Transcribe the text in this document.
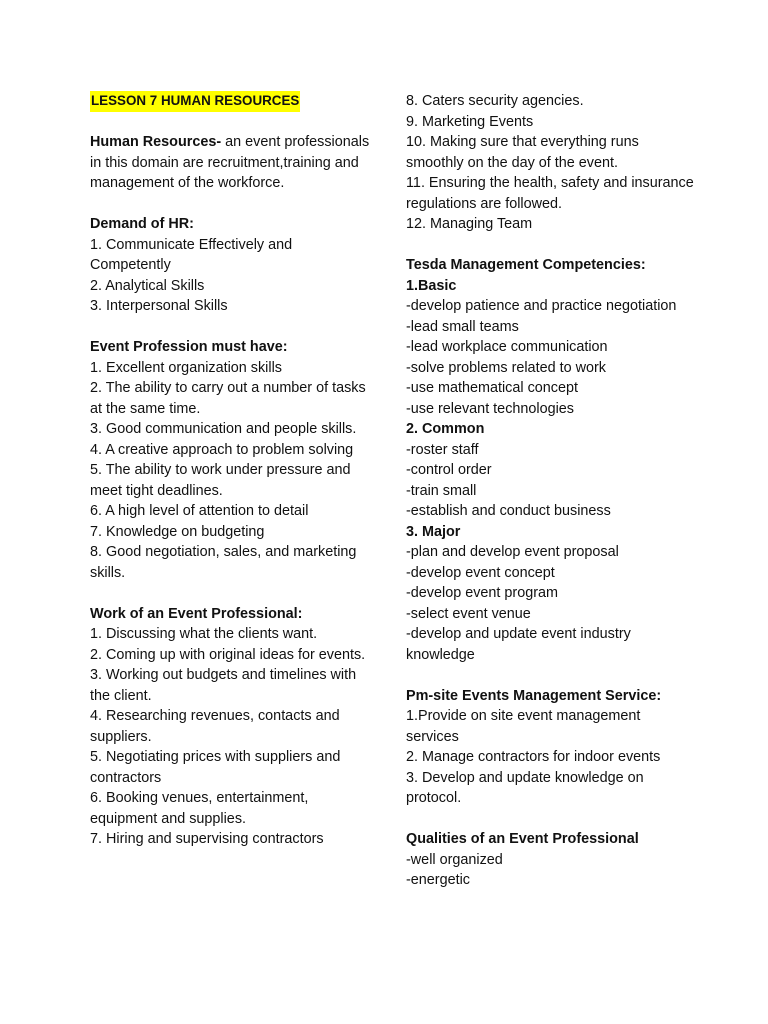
LESSON 7 HUMAN RESOURCES

Human Resources- an event professionals in this domain are recruitment,training and management of the workforce.

Demand of HR:
1. Communicate Effectively and Competently
2. Analytical Skills
3. Interpersonal Skills
Event Profession must have:
1. Excellent organization skills
2. The ability to carry out a number of tasks at the same time.
3. Good communication and people skills.
4. A creative approach to problem solving
5. The ability to work under pressure and meet tight deadlines.
6. A high level of attention to detail
7. Knowledge on budgeting
8. Good negotiation, sales, and marketing skills.
Work of an Event Professional:
1. Discussing what the clients want.
2. Coming up with original ideas for events.
3. Working out budgets and timelines with the client.
4. Researching revenues, contacts and suppliers.
5. Negotiating prices with suppliers and contractors
6. Booking venues, entertainment, equipment and supplies.
7. Hiring and supervising contractors
8. Caters security agencies.
9. Marketing Events
10. Making sure that everything runs smoothly on the day of the event.
11. Ensuring the health, safety and insurance regulations are followed.
12. Managing Team
Tesda Management Competencies:
1.Basic
-develop patience and practice negotiation
-lead small teams
-lead workplace communication
-solve problems related to work
-use mathematical concept
-use relevant technologies
2. Common
-roster staff
-control order
-train small
-establish and conduct business
3. Major
-plan and develop event proposal
-develop event concept
-develop event program
-select event venue
-develop and update event industry knowledge
Pm-site Events Management Service:
1.Provide on site event management services
2. Manage contractors for indoor events
3. Develop and update knowledge on protocol.
Qualities of an Event Professional
-well organized
-energetic
